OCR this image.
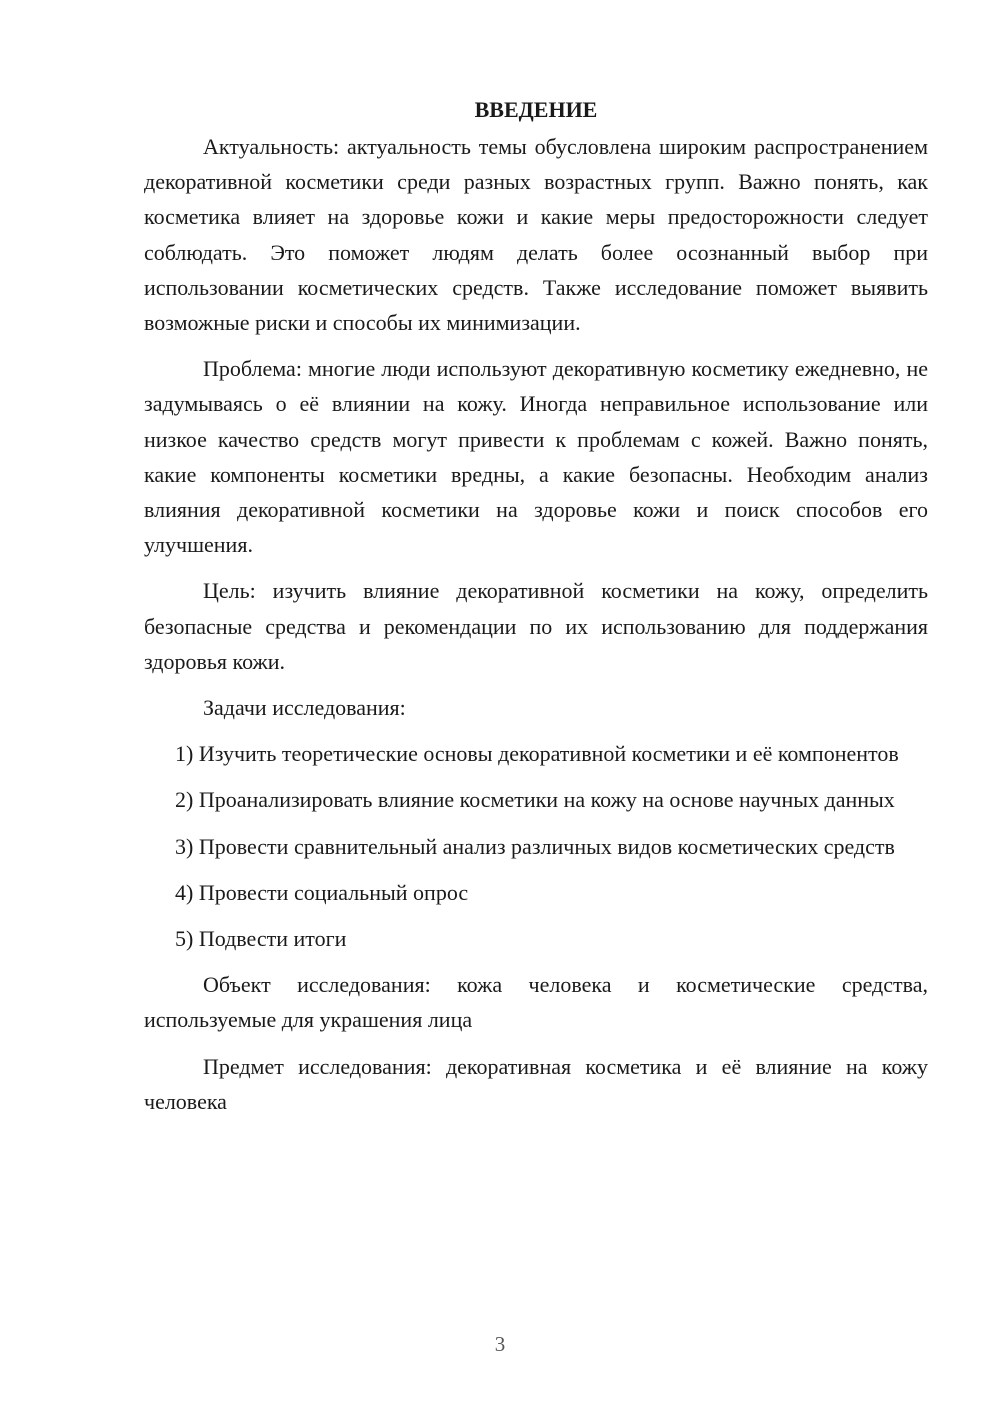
ВВЕДЕНИЕ

Актуальность: актуальность темы обусловлена широким распространением декоративной косметики среди разных возрастных групп. Важно понять, как косметика влияет на здоровье кожи и какие меры предосторожности следует соблюдать. Это поможет людям делать более осознанный выбор при использовании косметических средств. Также исследование поможет выявить возможные риски и способы их минимизации.

Проблема: многие люди используют декоративную косметику ежедневно, не задумываясь о её влиянии на кожу. Иногда неправильное использование или низкое качество средств могут привести к проблемам с кожей. Важно понять, какие компоненты косметики вредны, а какие безопасны. Необходим анализ влияния декоративной косметики на здоровье кожи и поиск способов его улучшения.

Цель: изучить влияние декоративной косметики на кожу, определить безопасные средства и рекомендации по их использованию для поддержания здоровья кожи.

Задачи исследования:

1) Изучить теоретические основы декоративной косметики и её компонентов

2) Проанализировать влияние косметики на кожу на основе научных данных

3) Провести сравнительный анализ различных видов косметических средств

4) Провести социальный опрос

5) Подвести итоги

Объект исследования: кожа человека и косметические средства, используемые для украшения лица

Предмет исследования: декоративная косметика и её влияние на кожу человека

3
